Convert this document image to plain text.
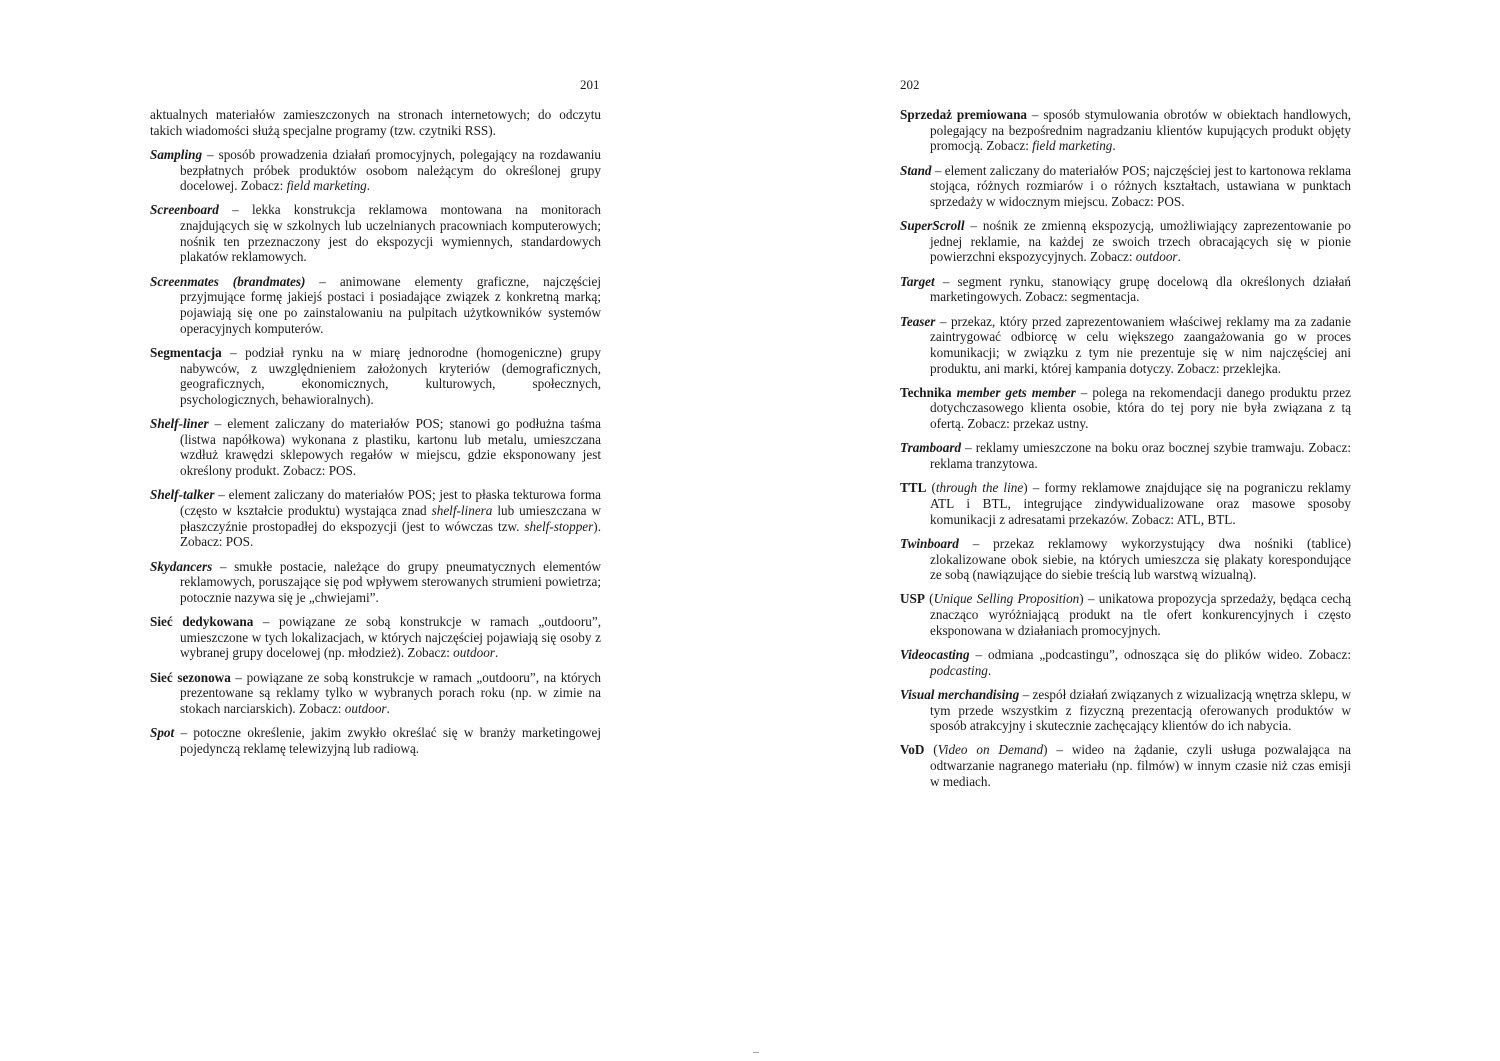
201

aktualnych materiałów zamieszczonych na stronach internetowych; do odczytu takich wiadomości służą specjalne programy (tzw. czytniki RSS).

Sampling – sposób prowadzenia działań promocyjnych, polegający na rozdawaniu bezpłatnych próbek produktów osobom należącym do określonej grupy docelowej. Zobacz: field marketing.

Screenboard – lekka konstrukcja reklamowa montowana na monitorach znajdujących się w szkolnych lub uczelnianych pracowniach komputerowych; nośnik ten przeznaczony jest do ekspozycji wymiennych, standardowych plakatów reklamowych.

Screenmates (brandmates) – animowane elementy graficzne, najczęściej przyjmujące formę jakiejś postaci i posiadające związek z konkretną marką; pojawiają się one po zainstalowaniu na pulpitach użytkowników systemów operacyjnych komputerów.

Segmentacja – podział rynku na w miarę jednorodne (homogeniczne) grupy nabywców, z uwzględnieniem założonych kryteriów (demograficznych, geograficznych, ekonomicznych, kulturowych, społecznych, psychologicznych, behawioralnych).

Shelf-liner – element zaliczany do materiałów POS; stanowi go podłużna taśma (listwa napółkowa) wykonana z plastiku, kartonu lub metalu, umieszczana wzdłuż krawędzi sklepowych regałów w miejscu, gdzie eksponowany jest określony produkt. Zobacz: POS.

Shelf-talker – element zaliczany do materiałów POS; jest to płaska tekturowa forma (często w kształcie produktu) wystająca znad shelf-linera lub umieszczana w płaszczyźnie prostopadłej do ekspozycji (jest to wówczas tzw. shelf-stopper). Zobacz: POS.

Skydancers – smukłe postacie, należące do grupy pneumatycznych elementów reklamowych, poruszające się pod wpływem sterowanych strumieni powietrza; potocznie nazywa się je „chwiejami”.

Sieć dedykowana – powiązane ze sobą konstrukcje w ramach „outdooru”, umieszczone w tych lokalizacjach, w których najczęściej pojawiają się osoby z wybranej grupy docelowej (np. młodzież). Zobacz: outdoor.

Sieć sezonowa – powiązane ze sobą konstrukcje w ramach „outdooru”, na których prezentowane są reklamy tylko w wybranych porach roku (np. w zimie na stokach narciarskich). Zobacz: outdoor.

Spot – potoczne określenie, jakim zwykło określać się w branży marketingowej pojedynczą reklamę telewizyjną lub radiową.

202

Sprzedaż premiowana – sposób stymulowania obrotów w obiektach handlowych, polegający na bezpośrednim nagradzaniu klientów kupujących produkt objęty promocją. Zobacz: field marketing.

Stand – element zaliczany do materiałów POS; najczęściej jest to kartonowa reklama stojąca, różnych rozmiarów i o różnych kształtach, ustawiana w punktach sprzedaży w widocznym miejscu. Zobacz: POS.

SuperScroll – nośnik ze zmienną ekspozycją, umożliwiający zaprezentowanie po jednej reklamie, na każdej ze swoich trzech obracających się w pionie powierzchni ekspozycyjnych. Zobacz: outdoor.

Target – segment rynku, stanowiący grupę docelową dla określonych działań marketingowych. Zobacz: segmentacja.

Teaser – przekaz, który przed zaprezentowaniem właściwej reklamy ma za zadanie zaintrygować odbiorcę w celu większego zaangażowania go w proces komunikacji; w związku z tym nie prezentuje się w nim najczęściej ani produktu, ani marki, której kampania dotyczy. Zobacz: przeklejka.

Technika member gets member – polega na rekomendacji danego produktu przez dotychczasowego klienta osobie, która do tej pory nie była związana z tą ofertą. Zobacz: przekaz ustny.

Tramboard – reklamy umieszczone na boku oraz bocznej szybie tramwaju. Zobacz: reklama tranzytowa.

TTL (through the line) – formy reklamowe znajdujące się na pograniczu reklamy ATL i BTL, integrujące zindywidualizowane oraz masowe sposoby komunikacji z adresatami przekazów. Zobacz: ATL, BTL.

Twinboard – przekaz reklamowy wykorzystujący dwa nośniki (tablice) zlokalizowane obok siebie, na których umieszcza się plakaty korespondujące ze sobą (nawiązujące do siebie treścią lub warstwą wizualną).

USP (Unique Selling Proposition) – unikatowa propozycja sprzedaży, będąca cechą znacząco wyróżniającą produkt na tle ofert konkurencyjnych i często eksponowana w działaniach promocyjnych.

Videocasting – odmiana „podcastingu”, odnosząca się do plików wideo. Zobacz: podcasting.

Visual merchandising – zespół działań związanych z wizualizacją wnętrza sklepu, w tym przede wszystkim z fizyczną prezentacją oferowanych produktów w sposób atrakcyjny i skutecznie zachęcający klientów do ich nabycia.

VoD (Video on Demand) – wideo na żądanie, czyli usługa pozwalająca na odtwarzanie nagranego materiału (np. filmów) w innym czasie niż czas emisji w mediach.
